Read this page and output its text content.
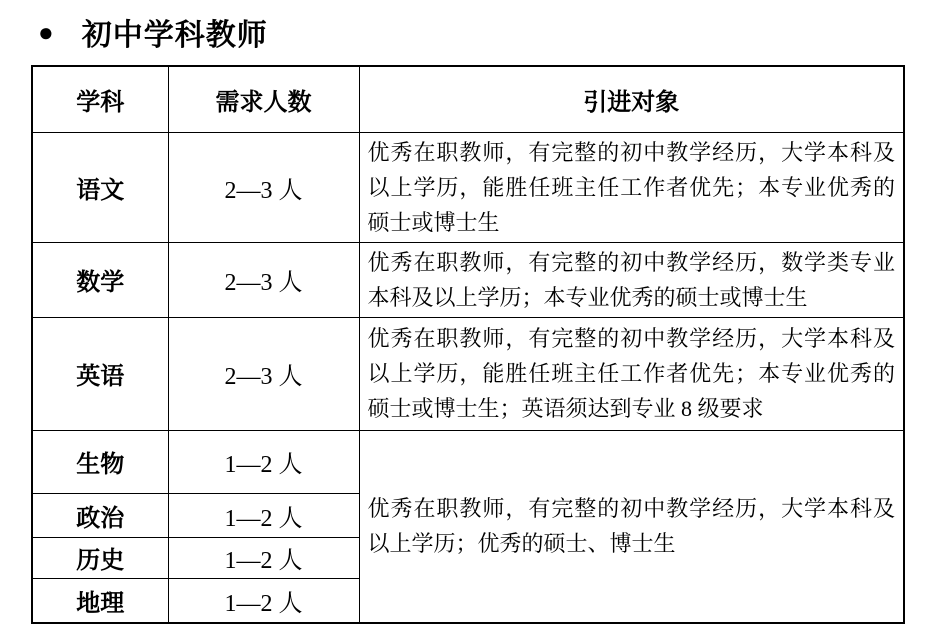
● 初中学科教师
学科	需求人数	引进对象
语文	2—3 人	优秀在职教师，有完整的初中教学经历，大学本科及以上学历，能胜任班主任工作者优先；本专业优秀的硕士或博士生
数学	2—3 人	优秀在职教师，有完整的初中教学经历，数学类专业本科及以上学历；本专业优秀的硕士或博士生
英语	2—3 人	优秀在职教师，有完整的初中教学经历，大学本科及以上学历，能胜任班主任工作者优先；本专业优秀的硕士或博士生；英语须达到专业 8 级要求
生物	1—2 人	优秀在职教师，有完整的初中教学经历，大学本科及以上学历；优秀的硕士、博士生
政治	1—2 人	
历史	1—2 人	
地理	1—2 人	
